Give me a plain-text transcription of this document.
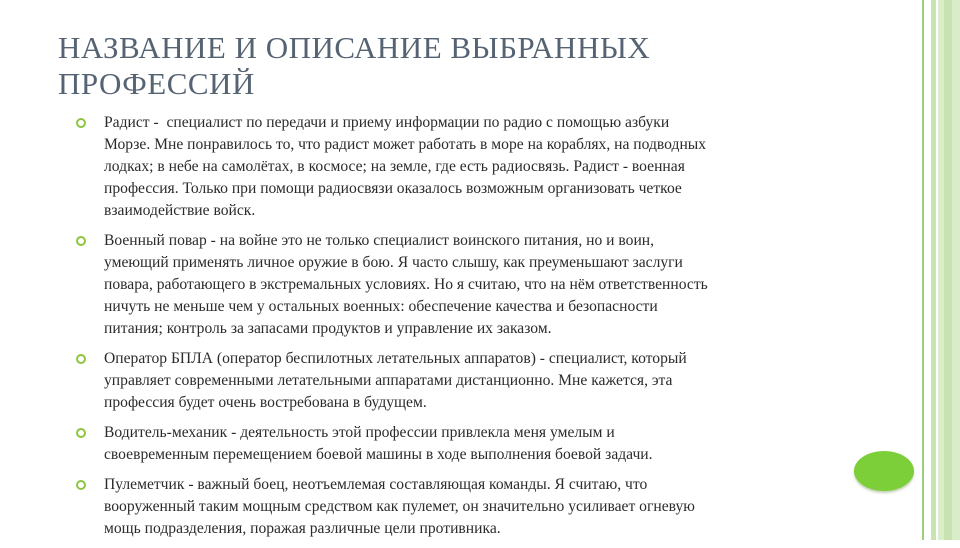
НАЗВАНИЕ И ОПИСАНИЕ ВЫБРАННЫХ
ПРОФЕССИЙ
Радист -  специалист по передачи и приему информации по радио с помощью азбуки
Морзе. Мне понравилось то, что радист может работать в море на кораблях, на подводных
лодках; в небе на самолётах, в космосе; на земле, где есть радиосвязь. Радист - военная
профессия. Только при помощи радиосвязи оказалось возможным организовать четкое
взаимодействие войск.
Военный повар - на войне это не только специалист воинского питания, но и воин,
умеющий применять личное оружие в бою. Я часто слышу, как преуменьшают заслуги
повара, работающего в экстремальных условиях. Но я считаю, что на нём ответственность
ничуть не меньше чем у остальных военных: обеспечение качества и безопасности
питания; контроль за запасами продуктов и управление их заказом.
Оператор БПЛА (оператор беспилотных летательных аппаратов) - специалист, который
управляет современными летательными аппаратами дистанционно. Мне кажется, эта
профессия будет очень востребована в будущем.
Водитель-механик - деятельность этой профессии привлекла меня умелым и
своевременным перемещением боевой машины в ходе выполнения боевой задачи.
Пулеметчик - важный боец, неотъемлемая составляющая команды. Я считаю, что
вооруженный таким мощным средством как пулемет, он значительно усиливает огневую
мощь подразделения, поражая различные цели противника.
